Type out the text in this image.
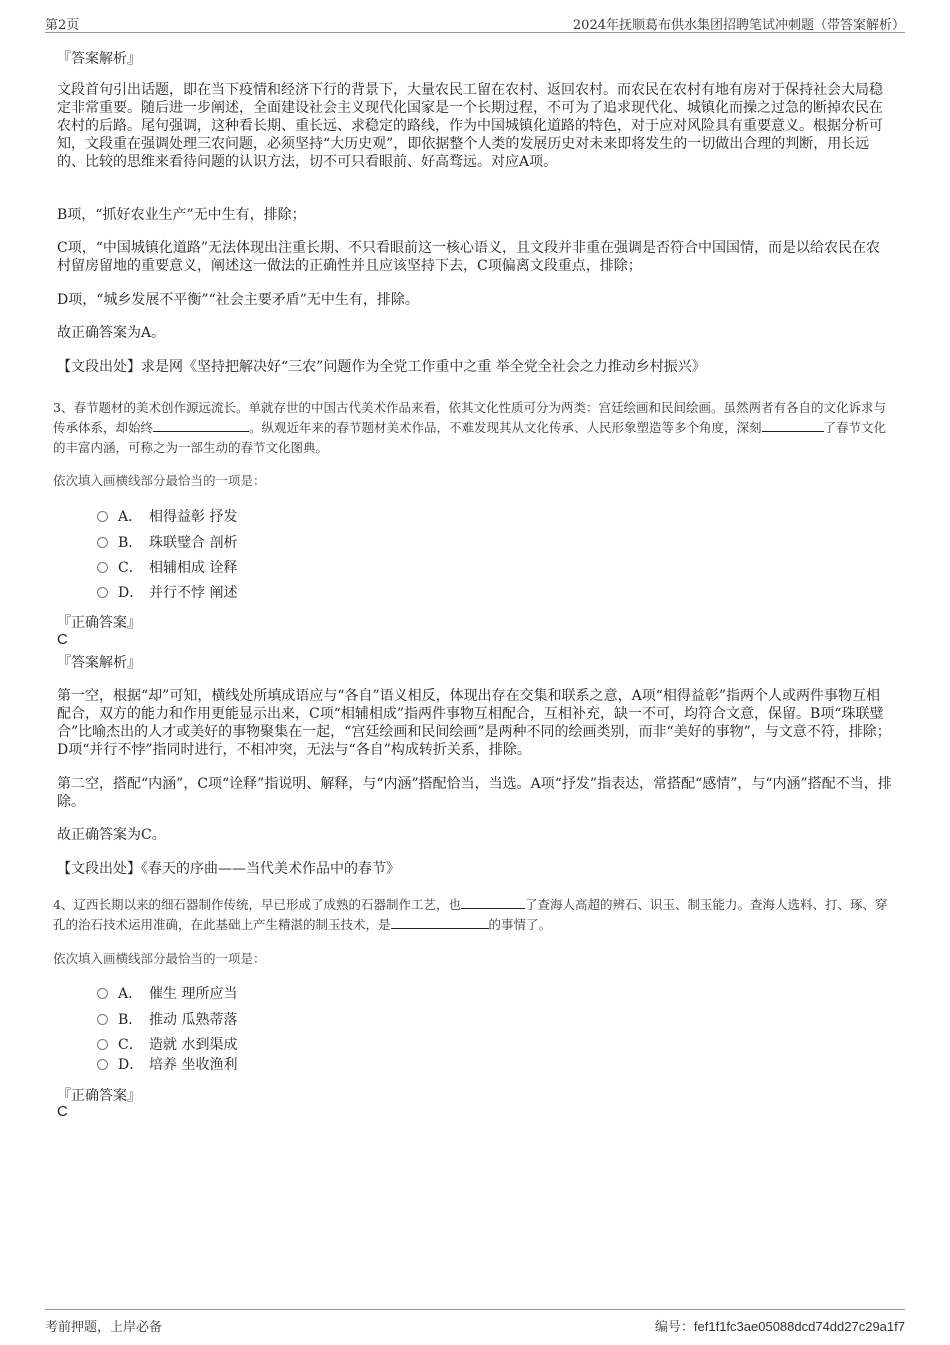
第2页	2024年抚顺葛布供水集团招聘笔试冲刺题（带答案解析）
『答案解析』
文段首句引出话题，即在当下疫情和经济下行的背景下，大量农民工留在农村、返回农村。而农民在农村有地有房对于保持社会大局稳定非常重要。随后进一步阐述，全面建设社会主义现代化国家是一个长期过程，不可为了追求现代化、城镇化而操之过急的断掉农民在农村的后路。尾句强调，这种看长期、重长远、求稳定的路线，作为中国城镇化道路的特色，对于应对风险具有重要意义。根据分析可知，文段重在强调处理三农问题，必须坚持“大历史观”，即依据整个人类的发展历史对未来即将发生的一切做出合理的判断，用长远的、比较的思维来看待问题的认识方法，切不可只看眼前、好高骛远。对应A项。
B项，“抓好农业生产”无中生有，排除；
C项，“中国城镇化道路”无法体现出注重长期、不只看眼前这一核心语义，且文段并非重在强调是否符合中国国情，而是以给农民在农村留房留地的重要意义，阐述这一做法的正确性并且应该坚持下去，C项偏离文段重点，排除；
D项，“城乡发展不平衡”“社会主要矛盾”无中生有，排除。
故正确答案为A。
【文段出处】求是网《坚持把解决好“三农”问题作为全党工作重中之重 举全党全社会之力推动乡村振兴》
3、春节题材的美术创作源远流长。单就存世的中国古代美术作品来看，依其文化性质可分为两类：宫廷绘画和民间绘画。虽然两者有各自的文化诉求与传承体系，却始终	。纵观近年来的春节题材美术作品，不难发现其从文化传承、人民形象塑造等多个角度，深刻	了春节文化的丰富内涵，可称之为一部生动的春节文化图典。
依次填入画横线部分最恰当的一项是：
A． 相得益彰 抒发
B． 珠联璧合 剖析
C． 相辅相成 诠释
D． 并行不悖 阐述
『正确答案』
C
『答案解析』
第一空，根据“却”可知，横线处所填成语应与“各自”语义相反，体现出存在交集和联系之意，A项“相得益彰”指两个人或两件事物互相配合，双方的能力和作用更能显示出来，C项“相辅相成”指两件事物互相配合，互相补充，缺一不可，均符合文意，保留。B项“珠联璧合”比喻杰出的人才或美好的事物聚集在一起，“宫廷绘画和民间绘画”是两种不同的绘画类别，而非“美好的事物”，与文意不符，排除；D项“并行不悖”指同时进行，不相冲突，无法与“各自”构成转折关系，排除。
第二空，搭配“内涵”，C项“诠释”指说明、解释，与“内涵”搭配恰当，当选。A项“抒发”指表达，常搭配“感情”，与“内涵”搭配不当，排除。
故正确答案为C。
【文段出处】《春天的序曲——当代美术作品中的春节》
4、辽西长期以来的细石器制作传统，早已形成了成熟的石器制作工艺，也	了查海人高超的辨石、识玉、制玉能力。查海人选料、打、琢、穿孔的治石技术运用准确，在此基础上产生精湛的制玉技术，是	的事情了。
依次填入画横线部分最恰当的一项是：
A． 催生 理所应当
B． 推动 瓜熟蒂落
C． 造就 水到渠成
D． 培养 坐收渔利
『正确答案』
C
考前押题，上岸必备	编号：fef1f1fc3ae05088dcd74dd27c29a1f7
